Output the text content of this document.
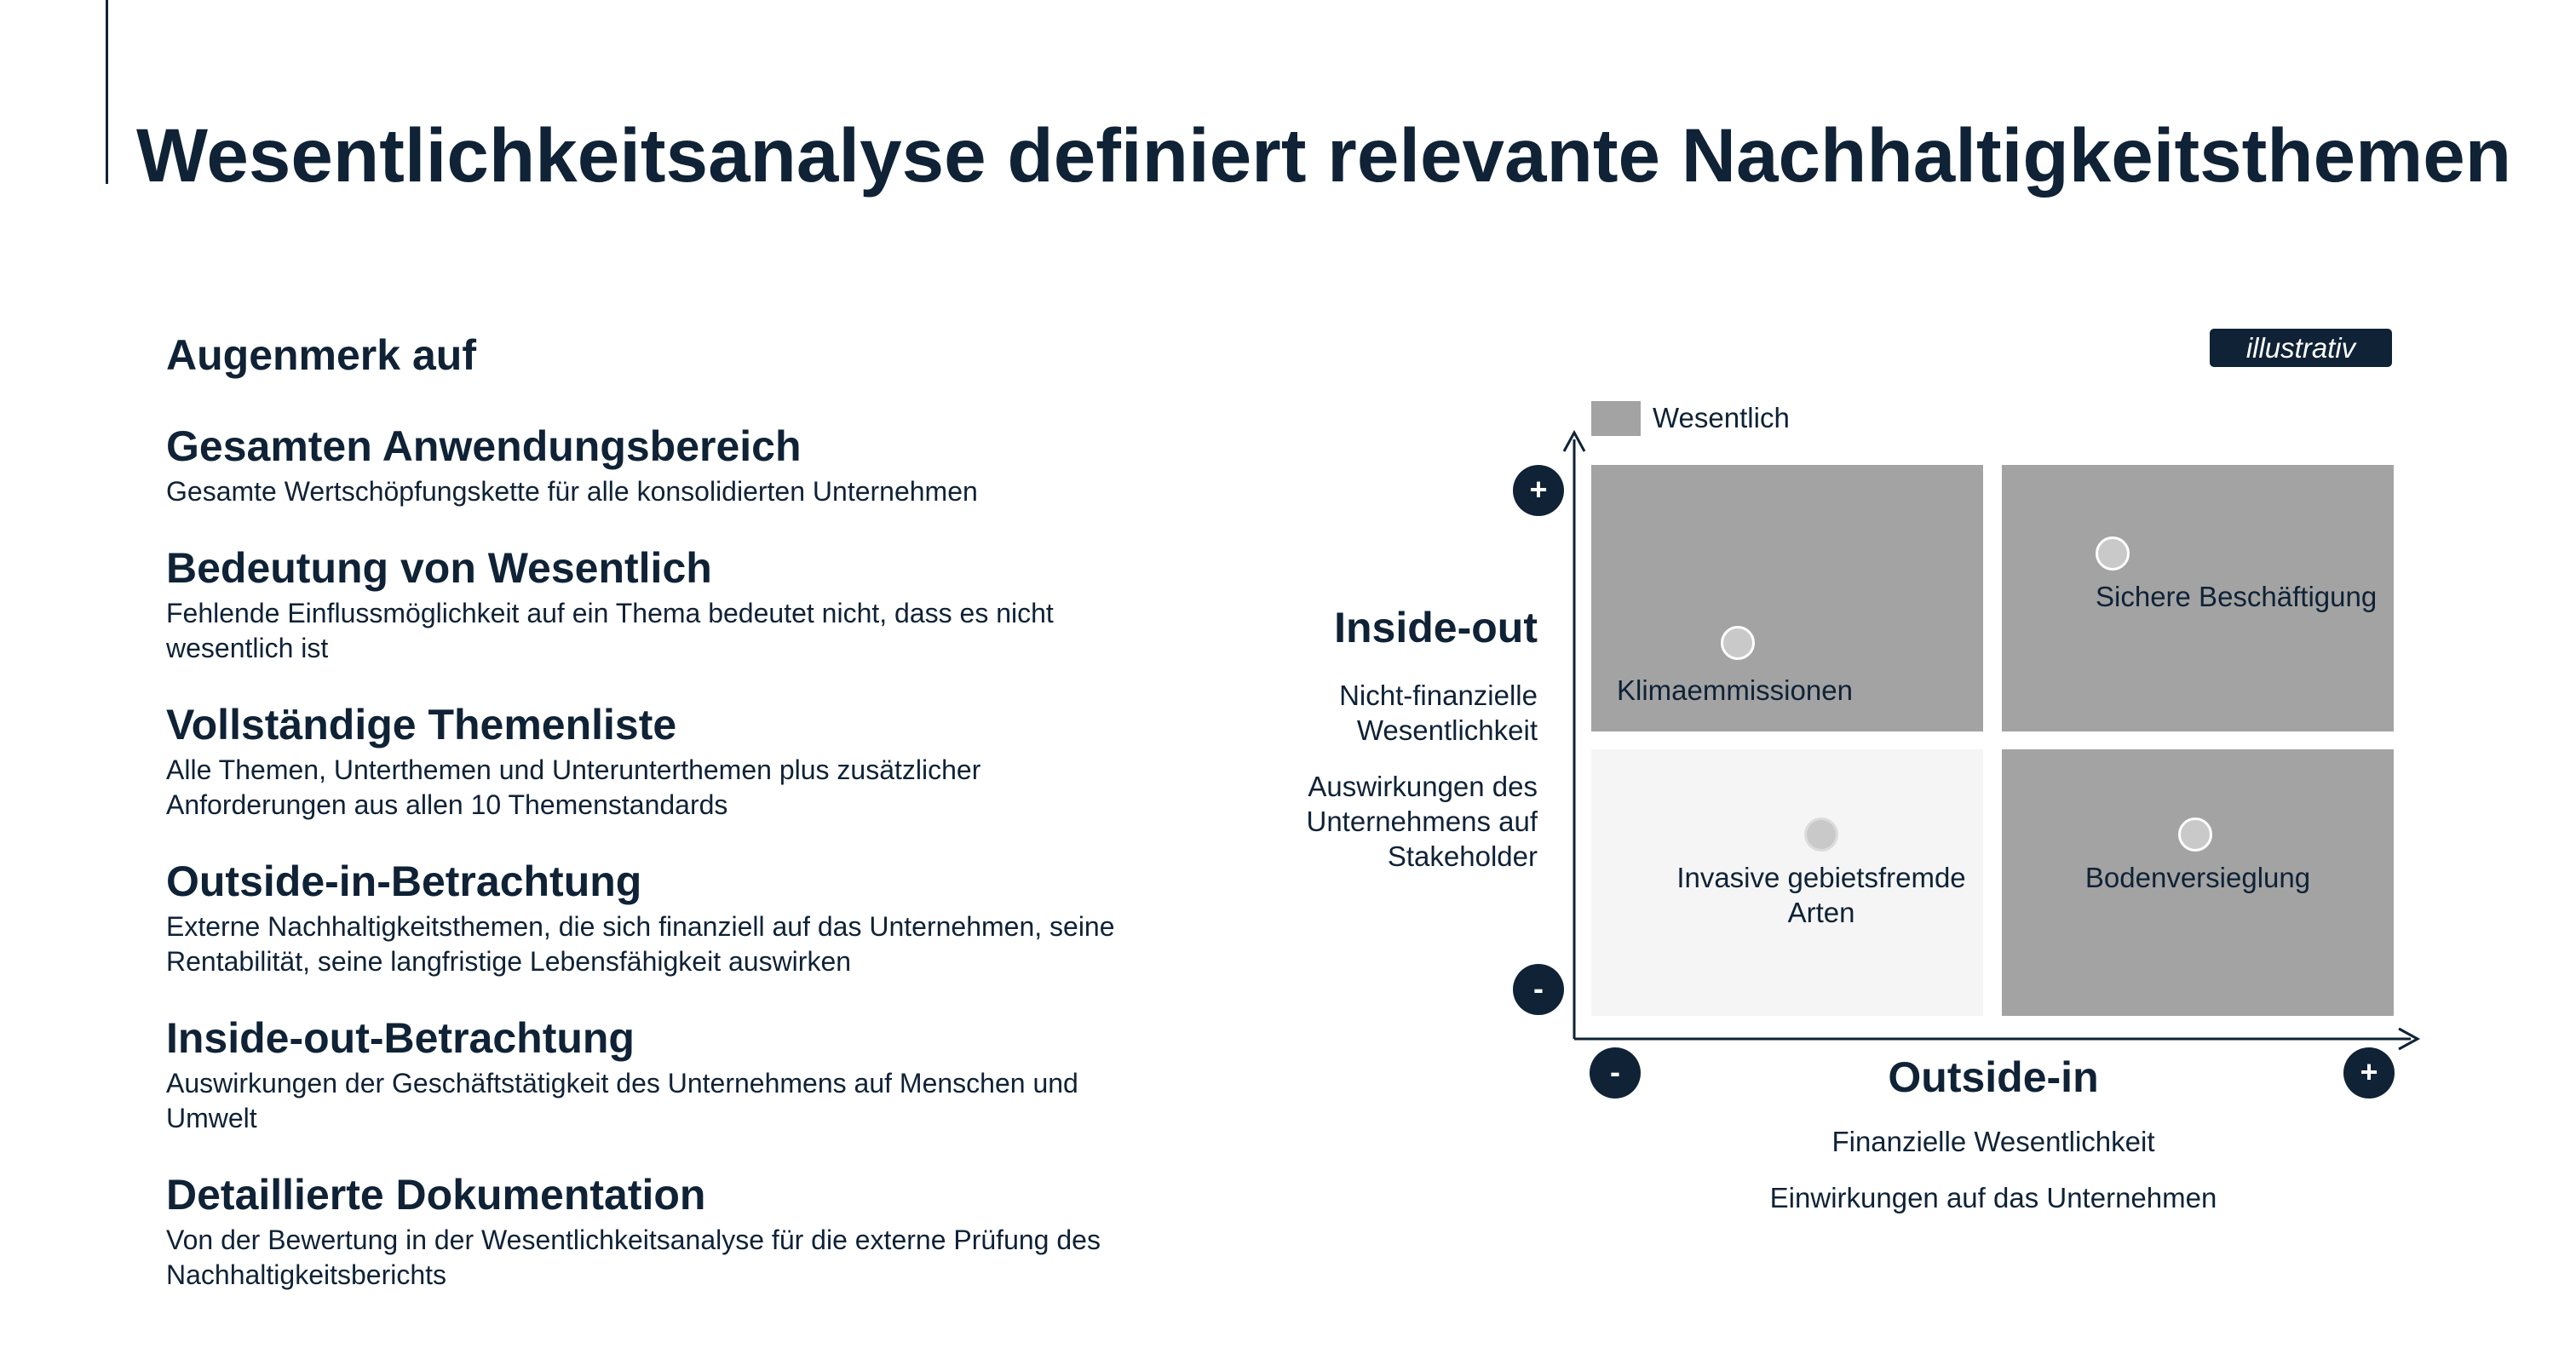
Wesentlichkeitsanalyse definiert relevante Nachhaltigkeitsthemen
Augenmerk auf
Gesamten Anwendungsbereich
Gesamte Wertschöpfungskette für alle konsolidierten Unternehmen
Bedeutung von Wesentlich
Fehlende Einflussmöglichkeit auf ein Thema bedeutet nicht, dass es nicht wesentlich ist
Vollständige Themenliste
Alle Themen, Unterthemen und Unterunterthemen plus zusätzlicher Anforderungen aus allen 10 Themenstandards
Outside-in-Betrachtung
Externe Nachhaltigkeitsthemen, die sich finanziell auf das Unternehmen, seine Rentabilität, seine langfristige Lebensfähigkeit auswirken
Inside-out-Betrachtung
Auswirkungen der Geschäftstätigkeit des Unternehmens auf Menschen und Umwelt
Detaillierte Dokumentation
Von der Bewertung in der Wesentlichkeitsanalyse für die externe Prüfung des Nachhaltigkeitsberichts
illustrativ
Wesentlich
Klimaemmissionen
Sichere Beschäftigung
Invasive gebietsfremde Arten
Bodenversieglung
+
-
-	+
Inside-out
Nicht-finanzielle Wesentlichkeit
Auswirkungen des Unternehmens auf Stakeholder
Outside-in
Finanzielle Wesentlichkeit
Einwirkungen auf das Unternehmen
